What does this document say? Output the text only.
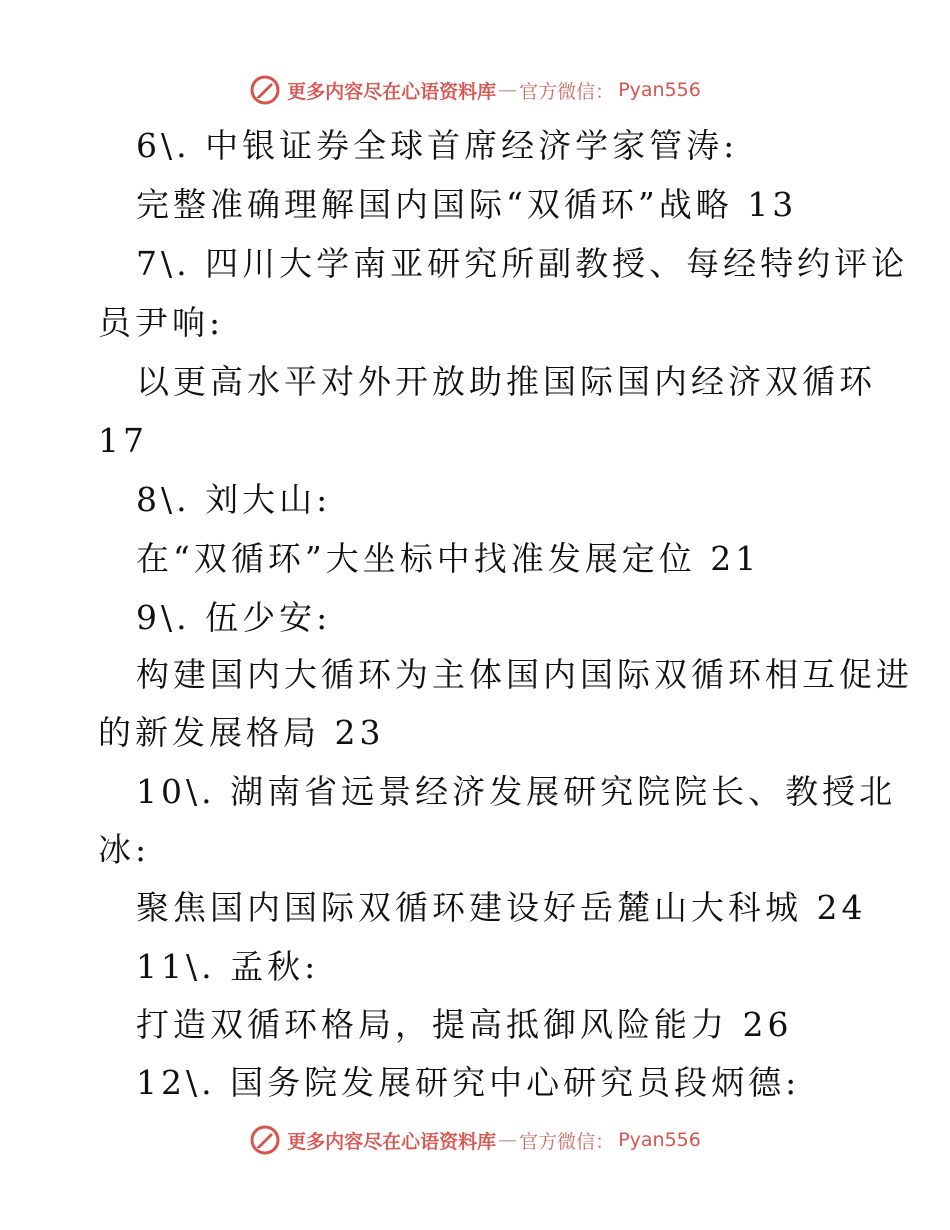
更多内容尽在心语资料库 — 官方微信： Pyan556
6\. 中银证券全球首席经济学家管涛:
完整准确理解国内国际“双循环”战略 13
7\. 四川大学南亚研究所副教授、每经特约评论
员尹响:
以更高水平对外开放助推国际国内经济双循环
17
8\. 刘大山:
在“双循环”大坐标中找准发展定位 21
9\. 伍少安:
构建国内大循环为主体国内国际双循环相互促进
的新发展格局 23
10\. 湖南省远景经济发展研究院院长、教授北
冰:
聚焦国内国际双循环建设好岳麓山大科城 24
11\. 孟秋:
打造双循环格局，提高抵御风险能力 26
12\. 国务院发展研究中心研究员段炳德:
更多内容尽在心语资料库 — 官方微信： Pyan556
